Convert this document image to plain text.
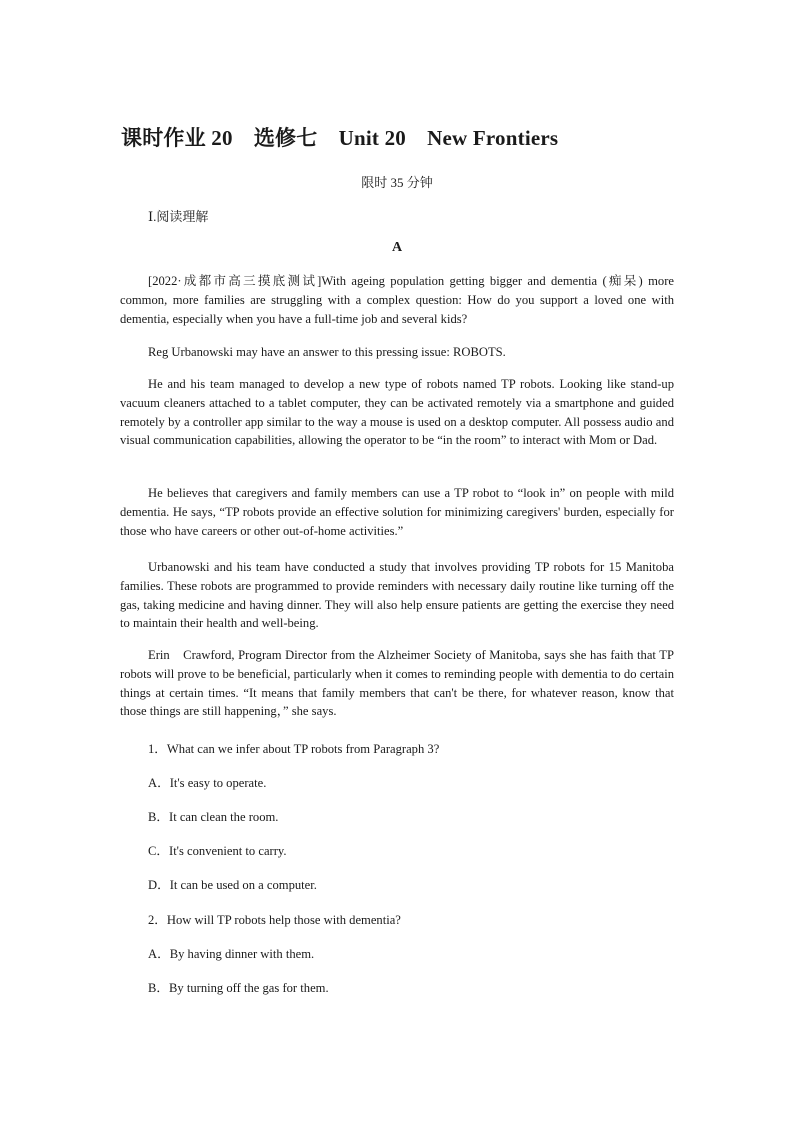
课时作业 20　选修七　Unit 20　New Frontiers
限时 35 分钟
Ⅰ.阅读理解
A

[2022·成都市高三摸底测试]With ageing population getting bigger and dementia (痴呆) more common, more families are struggling with a complex question: How do you support a loved one with dementia, especially when you have a full-time job and several kids?

Reg Urbanowski may have an answer to this pressing issue: ROBOTS.

He and his team managed to develop a new type of robots named TP robots. Looking like stand-up vacuum cleaners attached to a tablet computer, they can be activated remotely via a smartphone and guided remotely by a controller app similar to the way a mouse is used on a desktop computer. All possess audio and visual communication capabilities, allowing the operator to be “in the room” to interact with Mom or Dad.

He believes that caregivers and family members can use a TP robot to “look in” on people with mild dementia. He says, “TP robots provide an effective solution for minimizing caregivers' burden, especially for those who have careers or other out-of-home activities.”

Urbanowski and his team have conducted a study that involves providing TP robots for 15 Manitoba families. These robots are programmed to provide reminders with necessary daily routine like turning off the gas, taking medicine and having dinner. They will also help ensure patients are getting the exercise they need to maintain their health and well-being.

Erin　Crawford, Program Director from the Alzheimer Society of Manitoba, says she has faith that TP robots will prove to be beneficial, particularly when it comes to reminding people with dementia to do certain things at certain times. “It means that family members that can't be there, for whatever reason, know that those things are still happening，” she says.

1．What can we infer about TP robots from Paragraph 3?
A．It's easy to operate.
B．It can clean the room.
C．It's convenient to carry.
D．It can be used on a computer.
2．How will TP robots help those with dementia?
A．By having dinner with them.
B．By turning off the gas for them.
